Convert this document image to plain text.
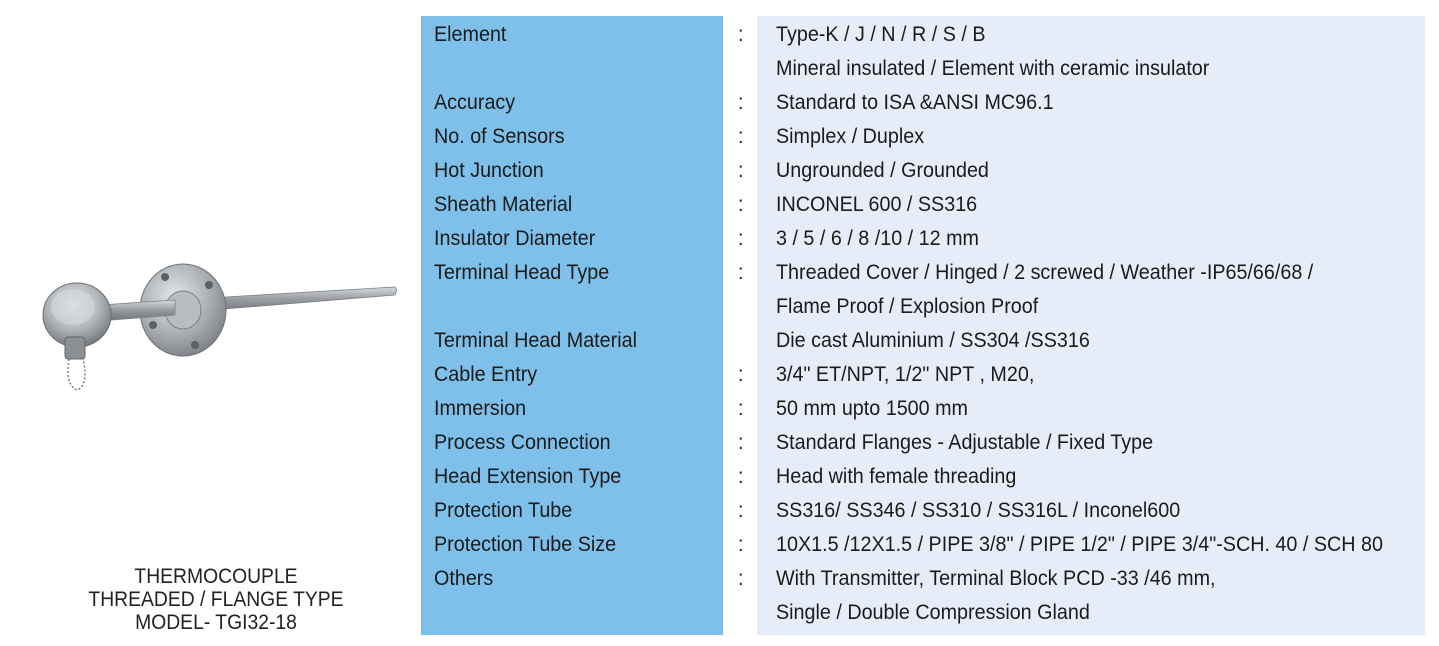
THERMOCOUPLE
THREADED / FLANGE TYPE
MODEL- TGI32-18
Element	: Type-K / J / N / R / S / B
Mineral insulated / Element with ceramic insulator
Accuracy	: Standard to ISA &ANSI MC96.1
No. of Sensors	: Simplex / Duplex
Hot Junction	: Ungrounded / Grounded
Sheath Material	: INCONEL 600 / SS316
Insulator Diameter	: 3 / 5 / 6 / 8 /10 / 12 mm
Terminal Head Type	: Threaded Cover / Hinged / 2 screwed / Weather -IP65/66/68 /
Flame Proof / Explosion Proof
Terminal Head Material	Die cast Aluminium / SS304 /SS316
Cable Entry	: 3/4" ET/NPT, 1/2" NPT , M20,
Immersion	: 50 mm upto 1500 mm
Process Connection	: Standard Flanges - Adjustable / Fixed Type
Head Extension Type	: Head with female threading
Protection Tube	: SS316/ SS346 / SS310 / SS316L / Inconel600
Protection Tube Size	: 10X1.5 /12X1.5 / PIPE 3/8" / PIPE 1/2" / PIPE 3/4"-SCH. 40 / SCH 80
Others	: With Transmitter, Terminal Block PCD -33 /46 mm,
Single / Double Compression Gland
